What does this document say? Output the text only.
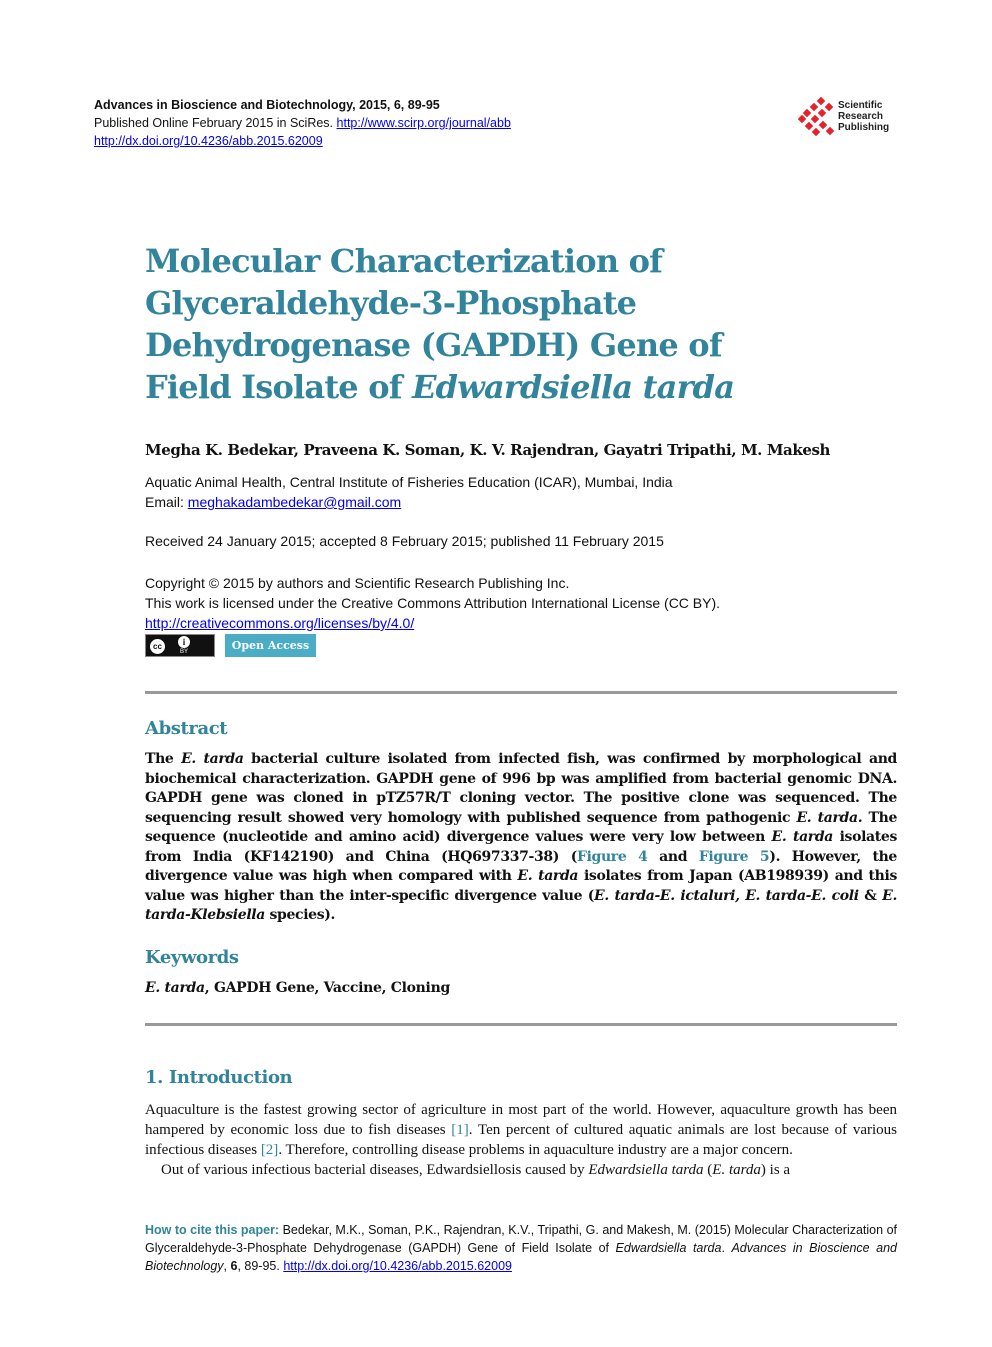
Advances in Bioscience and Biotechnology, 2015, 6, 89-95
Published Online February 2015 in SciRes. http://www.scirp.org/journal/abb
http://dx.doi.org/10.4236/abb.2015.62009
Scientific
Research
Publishing
Molecular Characterization of
Glyceraldehyde-3-Phosphate
Dehydrogenase (GAPDH) Gene of
Field Isolate of Edwardsiella tarda
Megha K. Bedekar, Praveena K. Soman, K. V. Rajendran, Gayatri Tripathi, M. Makesh
Aquatic Animal Health, Central Institute of Fisheries Education (ICAR), Mumbai, India
Email: meghakadambedekar@gmail.com
Received 24 January 2015; accepted 8 February 2015; published 11 February 2015
Copyright © 2015 by authors and Scientific Research Publishing Inc.
This work is licensed under the Creative Commons Attribution International License (CC BY).
http://creativecommons.org/licenses/by/4.0/
cc	i
BY	Open Access
Abstract
The E. tarda bacterial culture isolated from infected fish, was confirmed by morphological and biochemical characterization. GAPDH gene of 996 bp was amplified from bacterial genomic DNA. GAPDH gene was cloned in pTZ57R/T cloning vector. The positive clone was sequenced. The sequencing result showed very homology with published sequence from pathogenic E. tarda. The sequence (nucleotide and amino acid) divergence values were very low between E. tarda isolates from India (KF142190) and China (HQ697337-38) (Figure 4 and Figure 5). However, the divergence value was high when compared with E. tarda isolates from Japan (AB198939) and this value was higher than the inter-specific divergence value (E. tarda-E. ictaluri, E. tarda-E. coli & E. tarda-Klebsiella species).
Keywords
E. tarda, GAPDH Gene, Vaccine, Cloning
1. Introduction

Aquaculture is the fastest growing sector of agriculture in most part of the world. However, aquaculture growth has been hampered by economic loss due to fish diseases [1]. Ten percent of cultured aquatic animals are lost because of various infectious diseases [2]. Therefore, controlling disease problems in aquaculture industry are a major concern.

Out of various infectious bacterial diseases, Edwardsiellosis caused by Edwardsiella tarda (E. tarda) is a

How to cite this paper: Bedekar, M.K., Soman, P.K., Rajendran, K.V., Tripathi, G. and Makesh, M. (2015) Molecular Characterization of Glyceraldehyde-3-Phosphate Dehydrogenase (GAPDH) Gene of Field Isolate of Edwardsiella tarda. Advances in Bioscience and Biotechnology, 6, 89-95. http://dx.doi.org/10.4236/abb.2015.62009
